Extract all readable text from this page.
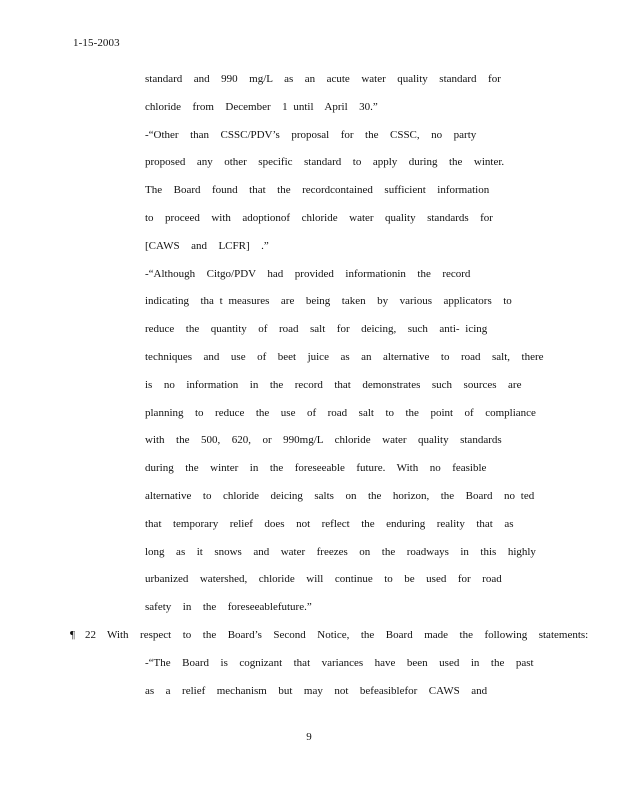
1-15-2003
standard  and  990  mg/L  as  an  acute  water  quality  standard  for
chloride  from  December  1 until  April  30.”
-“Other  than  CSSC/PDV’s  proposal  for  the  CSSC,  no  party
proposed  any  other  specific  standard  to  apply  during  the  winter.
The  Board  found  that  the  recordcontained  sufficient  information
to  proceed  with  adoptionof  chloride  water  quality  standards  for
[CAWS  and  LCFR]  .”
-“Although  Citgo/PDV  had  provided  informationin  the  record
indicating  tha t measures  are  being  taken  by  various  applicators  to
reduce  the  quantity  of  road  salt  for  deicing,  such  anti- icing
techniques  and  use  of  beet  juice  as  an  alternative  to  road  salt,  there
is  no  information  in  the  record  that  demonstrates  such  sources  are
planning  to  reduce  the  use  of  road  salt  to  the  point  of  compliance
with  the  500,  620,  or  990mg/L  chloride  water  quality  standards
during  the  winter  in  the  foreseeable  future.  With  no  feasible
alternative  to  chloride  deicing  salts  on  the  horizon,  the  Board  no ted
that  temporary  relief  does  not  reflect  the  enduring  reality  that  as
long  as  it  snows  and  water  freezes  on  the  roadways  in  this  highly
urbanized  watershed,  chloride  will  continue  to  be  used  for  road
safety  in  the  foreseeablefuture.”

¶

22

With  respect  to  the  Board’s  Second  Notice,  the  Board  made  the  following  statements:

-“The  Board  is  cognizant  that  variances  have  been  used  in  the  past
as  a  relief  mechanism  but  may  not  befeasiblefor  CAWS  and
9
